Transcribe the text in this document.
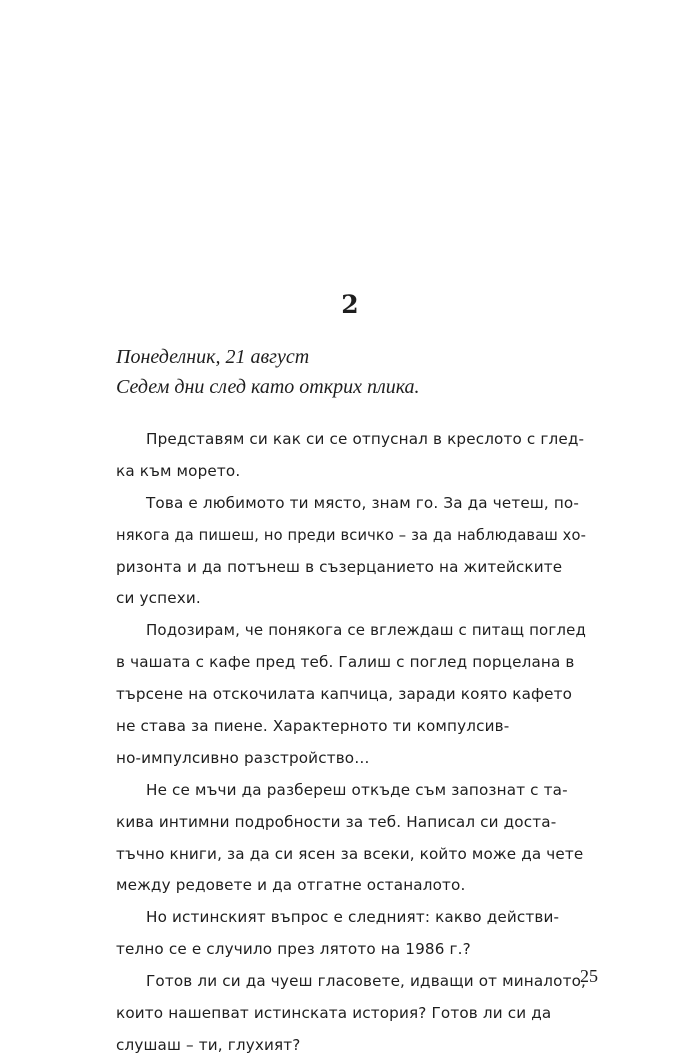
2
Понеделник, 21 август
Седем дни след като открих плика.
Представям си как си се отпуснал в креслото с глед-
ка към морето.
Това е любимото ти място, знам го. За да четеш, по-
някога да пишеш, но преди всичко – за да наблюдаваш хо-
ризонта и да потънеш в съзерцанието на житейските
си успехи.
Подозирам, че понякога се вглеждаш с питащ поглед
в чашата с кафе пред теб. Галиш с поглед порцелана в
търсене на отскочилата капчица, заради която кафето
не става за пиене. Характерното ти компулсив-
но-импулсивно разстройство…
Не се мъчи да разбереш откъде съм запознат с та-
кива интимни подробности за теб. Написал си доста-
тъчно книги, за да си ясен за всеки, който може да чете
между редовете и да отгатне останалото.
Но истинският въпрос е следният: какво действи-
телно се е случило през лятото на 1986 г.?
Готов ли си да чуеш гласовете, идващи от миналото,
които нашепват истинската история? Готов ли си да
слушаш – ти, глухият?
25
